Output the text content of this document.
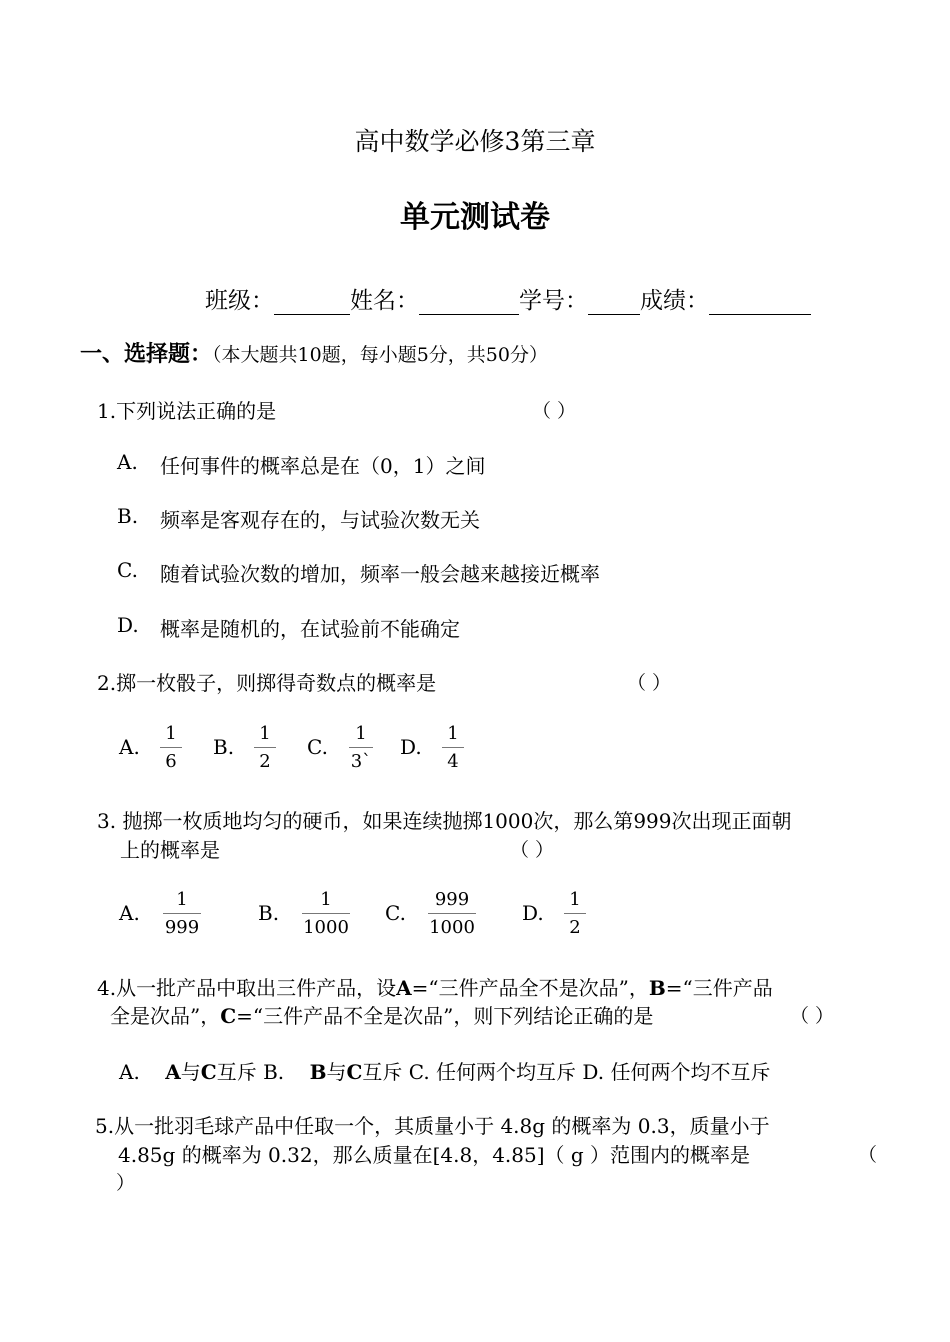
高中数学必修3第三章
单元测试卷
班级：	姓名：	学号： 成绩：
一、选择题：（本大题共10题，每小题5分，共50分）
1.下列说法正确的是	（ ）
A. 任何事件的概率总是在（0，1）之间
B. 频率是客观存在的，与试验次数无关
C. 随着试验次数的增加，频率一般会越来越接近概率
D. 概率是随机的，在试验前不能确定
2.掷一枚骰子，则掷得奇数点的概率是	（ ）
A.
1
6
B.
1
2
C.
1
3`
D.
1
4
3. 抛掷一枚质地均匀的硬币，如果连续抛掷1000次，那么第999次出现正面朝
上的概率是	（ ）
A.
1
999
B.
1
1000
C.
999
1000
D.
1
2
4.从一批产品中取出三件产品，设A=“三件产品全不是次品”，B=“三件产品
全是次品”，C=“三件产品不全是次品”，则下列结论正确的是	（ ）
A. A与C互斥 B. B与C互斥 C. 任何两个均互斥 D. 任何两个均不互斥
5.从一批羽毛球产品中任取一个，其质量小于 4.8g 的概率为 0.3，质量小于
4.85g 的概率为 0.32，那么质量在[4.8，4.85]（ g ）范围内的概率是	（
）
